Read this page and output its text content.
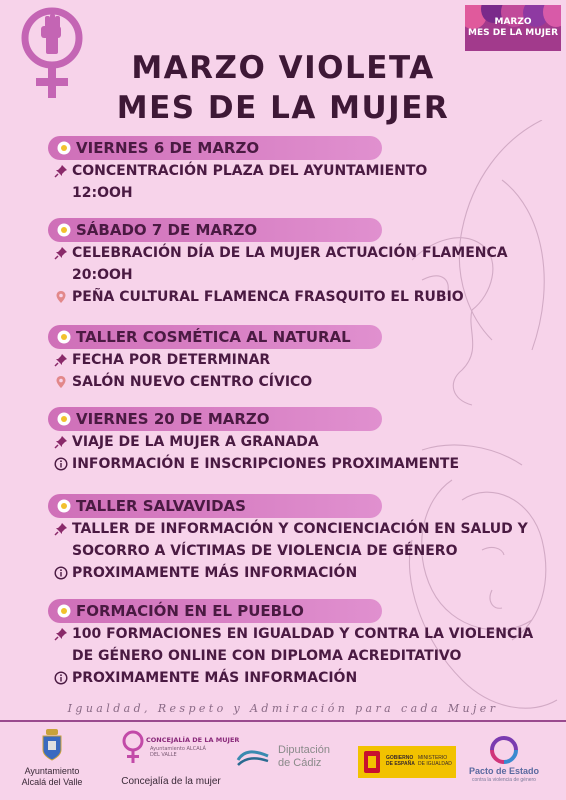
MARZO
MES DE LA MUJER
MARZO VIOLETA
MES DE LA MUJER
VIERNES 6 DE MARZO
CONCENTRACIÓN PLAZA DEL AYUNTAMIENTO
12:OOH
SÁBADO 7 DE MARZO
CELEBRACIÓN DÍA DE LA MUJER ACTUACIÓN FLAMENCA
20:OOH
PEÑA CULTURAL FLAMENCA FRASQUITO EL RUBIO
TALLER COSMÉTICA AL NATURAL
FECHA POR DETERMINAR
SALÓN NUEVO CENTRO CÍVICO
VIERNES 20 DE MARZO
VIAJE DE LA MUJER A GRANADA
INFORMACIÓN E INSCRIPCIONES PROXIMAMENTE
TALLER SALVAVIDAS
TALLER DE INFORMACIÓN Y CONCIENCIACIÓN EN SALUD Y
SOCORRO A VÍCTIMAS DE VIOLENCIA DE GÉNERO
PROXIMAMENTE MÁS INFORMACIÓN
FORMACIÓN EN EL PUEBLO
100 FORMACIONES EN IGUALDAD Y CONTRA LA VIOLENCIA
DE GÉNERO ONLINE CON DIPLOMA ACREDITATIVO
PROXIMAMENTE MÁS INFORMACIÓN
Igualdad, Respeto y Admiración para cada Mujer
Ayuntamiento
Alcalá del Valle
CONCEJALÍA DE LA MUJER
Ayuntamiento ALCALÁ DEL VALLE
Concejalía de la mujer
Diputación
de Cádiz	GOBIERNO DE ESPAÑA
MINISTERIO DE IGUALDAD
Pacto de Estado
contra la violencia de género
